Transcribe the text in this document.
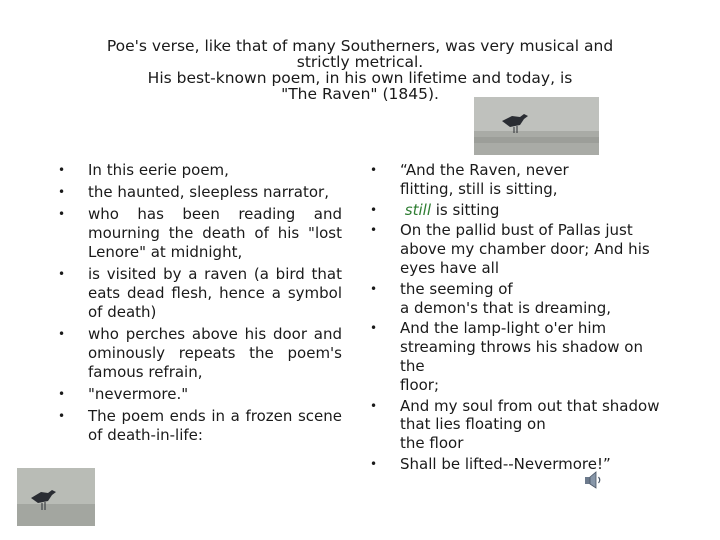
Poe's verse, like that of many Southerners, was very musical and
strictly metrical.
His best-known poem, in his own lifetime and today, is
"The Raven" (1845).
• In this eerie poem,
• the haunted, sleepless narrator,
• who has been reading and mourning the death of his "lost Lenore" at midnight,
• is visited by a raven (a bird that eats dead flesh, hence a symbol of death)
• who perches above his door and ominously repeats the poem's famous refrain,
• "nevermore."
• The poem ends in a frozen scene of death-in-life:
• “And the Raven, never
flitting, still is sitting,
• still is sitting
• On the pallid bust of Pallas just above my chamber door; And his eyes have all
• the seeming of
a demon's that is dreaming,
• And the lamp-light o'er him streaming throws his shadow on the
floor;
• And my soul from out that shadow that lies floating on
the floor
• Shall be lifted--Nevermore!”
